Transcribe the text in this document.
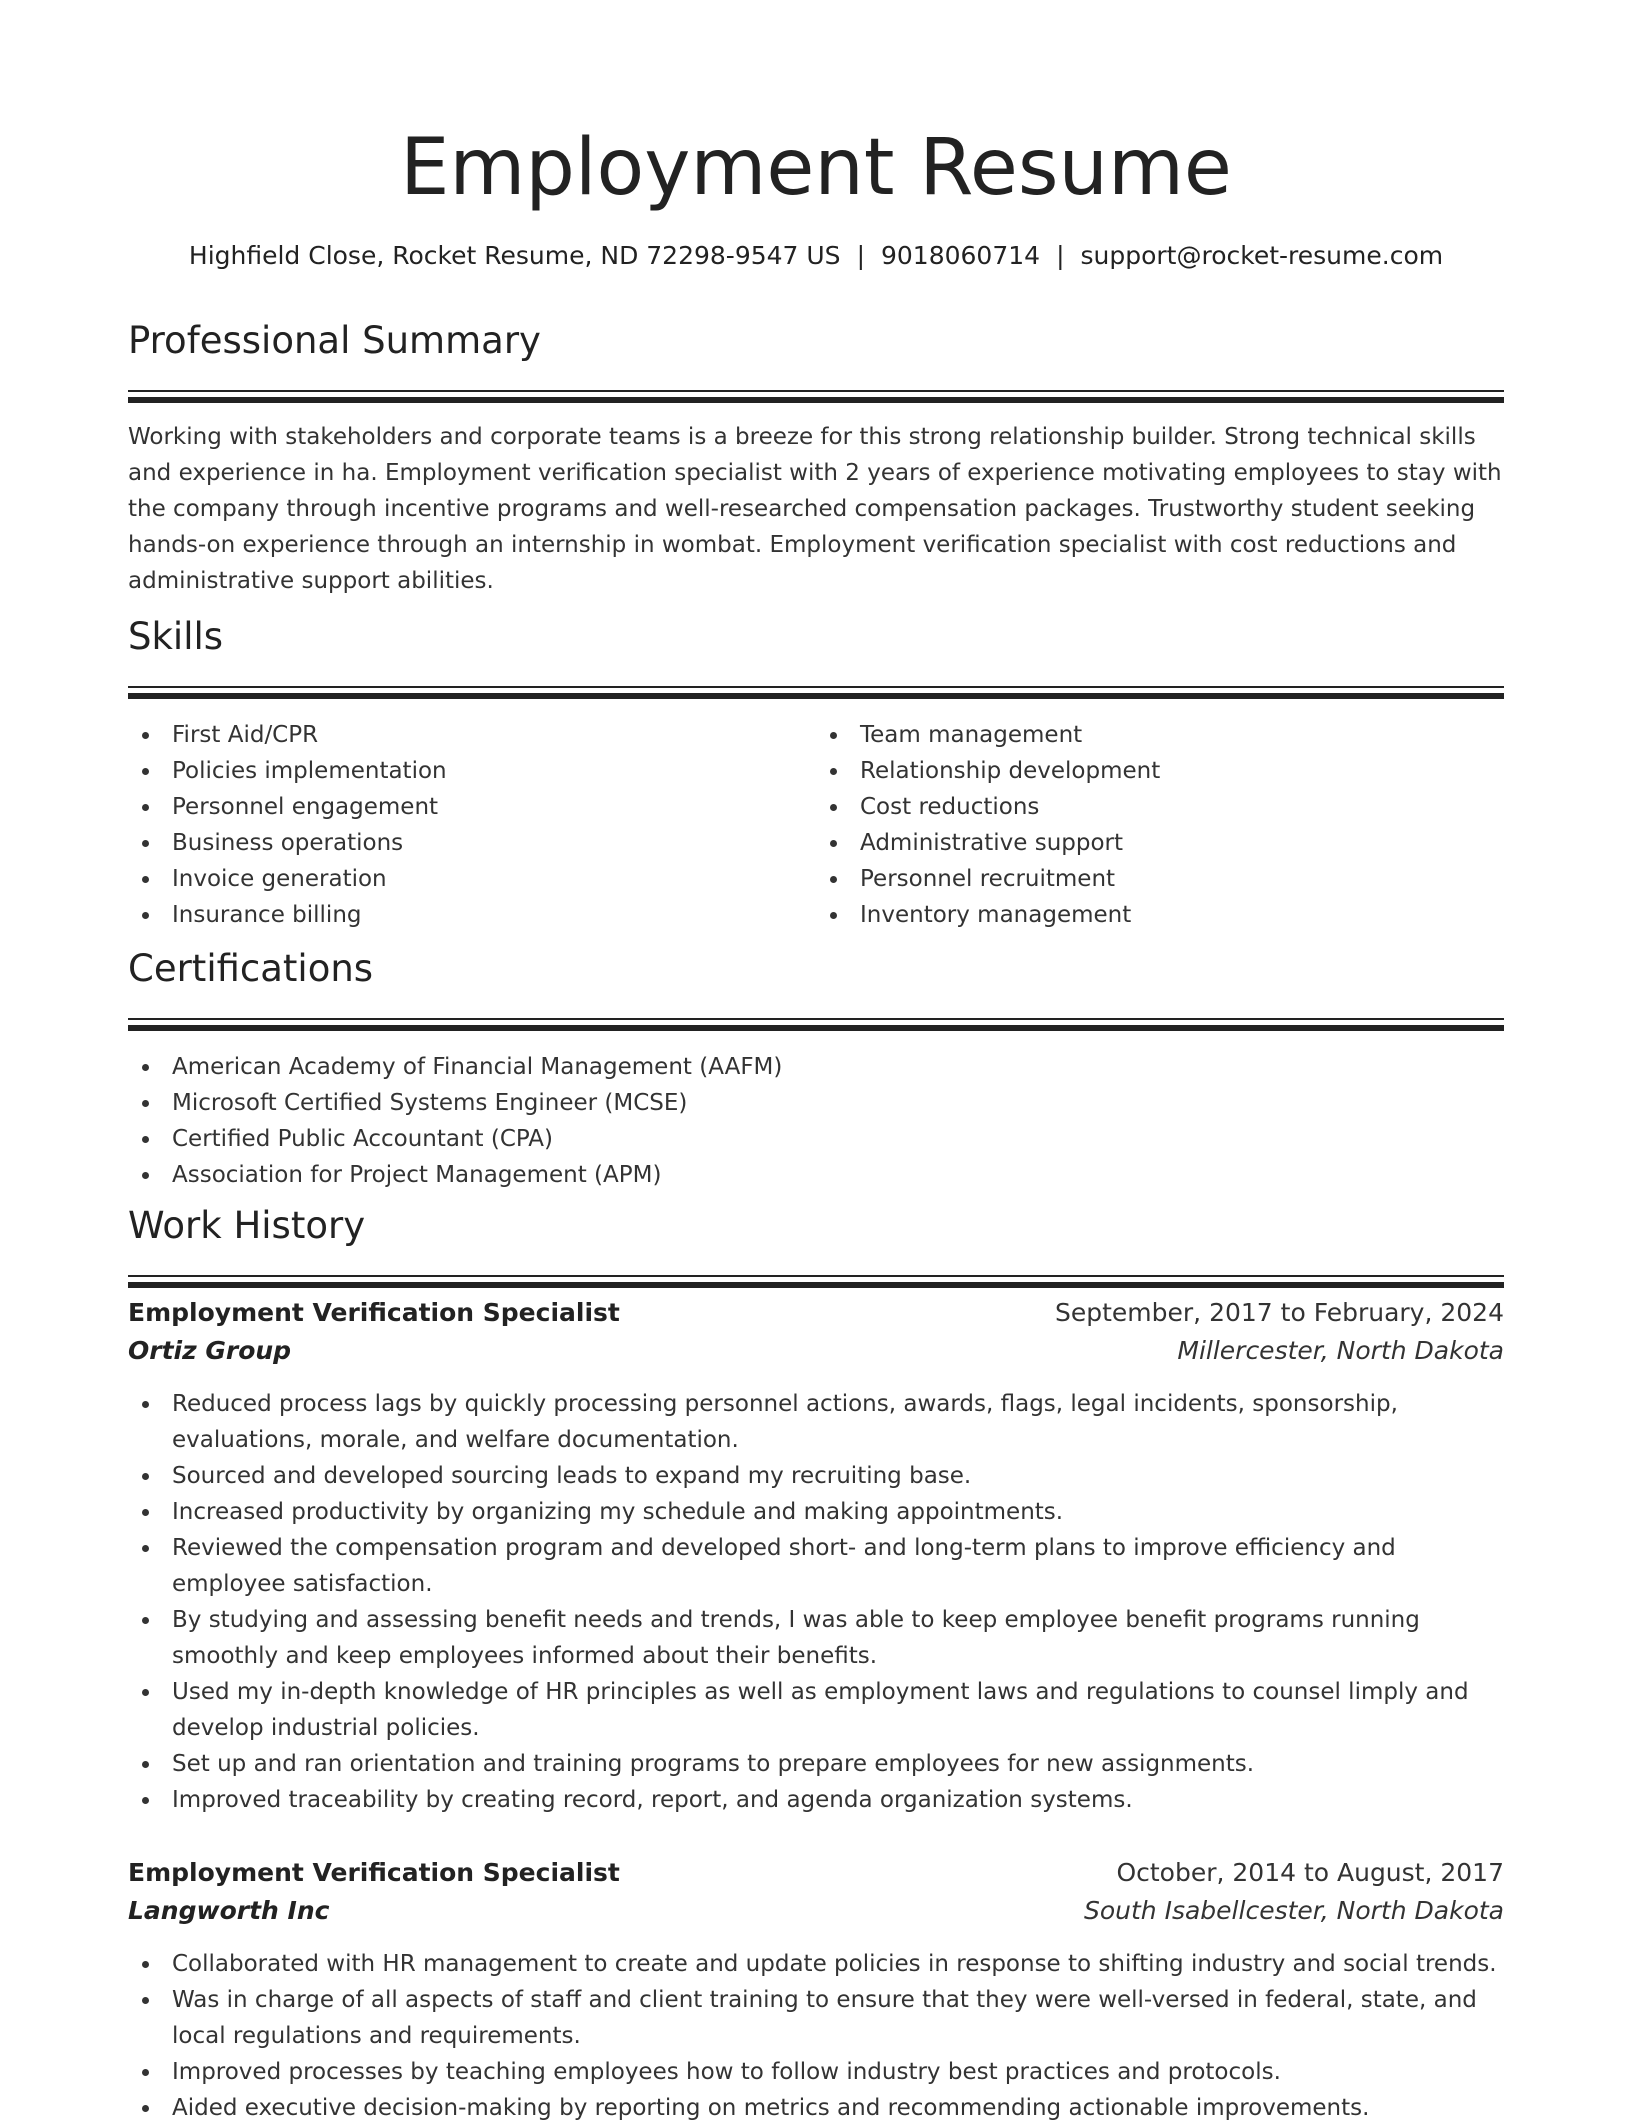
Employment Resume
Highfield Close, Rocket Resume, ND 72298-9547 US | 9018060714 | support@rocket-resume.com
Professional Summary

Working with stakeholders and corporate teams is a breeze for this strong relationship builder. Strong technical skills and experience in ha. Employment verification specialist with 2 years of experience motivating employees to stay with the company through incentive programs and well-researched compensation packages. Trustworthy student seeking hands-on experience through an internship in wombat. Employment verification specialist with cost reductions and administrative support abilities.

Skills
First Aid/CPR
Policies implementation
Personnel engagement
Business operations
Invoice generation
Insurance billing
Team management
Relationship development
Cost reductions
Administrative support
Personnel recruitment
Inventory management
Certifications
American Academy of Financial Management (AAFM)
Microsoft Certified Systems Engineer (MCSE)
Certified Public Accountant (CPA)
Association for Project Management (APM)
Work History
Employment Verification Specialist	September, 2017 to February, 2024
Ortiz Group	Millercester, North Dakota
Reduced process lags by quickly processing personnel actions, awards, flags, legal incidents, sponsorship, evaluations, morale, and welfare documentation.
Sourced and developed sourcing leads to expand my recruiting base.
Increased productivity by organizing my schedule and making appointments.
Reviewed the compensation program and developed short- and long-term plans to improve efficiency and employee satisfaction.
By studying and assessing benefit needs and trends, I was able to keep employee benefit programs running smoothly and keep employees informed about their benefits.
Used my in-depth knowledge of HR principles as well as employment laws and regulations to counsel limply and develop industrial policies.
Set up and ran orientation and training programs to prepare employees for new assignments.
Improved traceability by creating record, report, and agenda organization systems.
Employment Verification Specialist	October, 2014 to August, 2017
Langworth Inc	South Isabellcester, North Dakota
Collaborated with HR management to create and update policies in response to shifting industry and social trends.
Was in charge of all aspects of staff and client training to ensure that they were well-versed in federal, state, and local regulations and requirements.
Improved processes by teaching employees how to follow industry best practices and protocols.
Aided executive decision-making by reporting on metrics and recommending actionable improvements.
